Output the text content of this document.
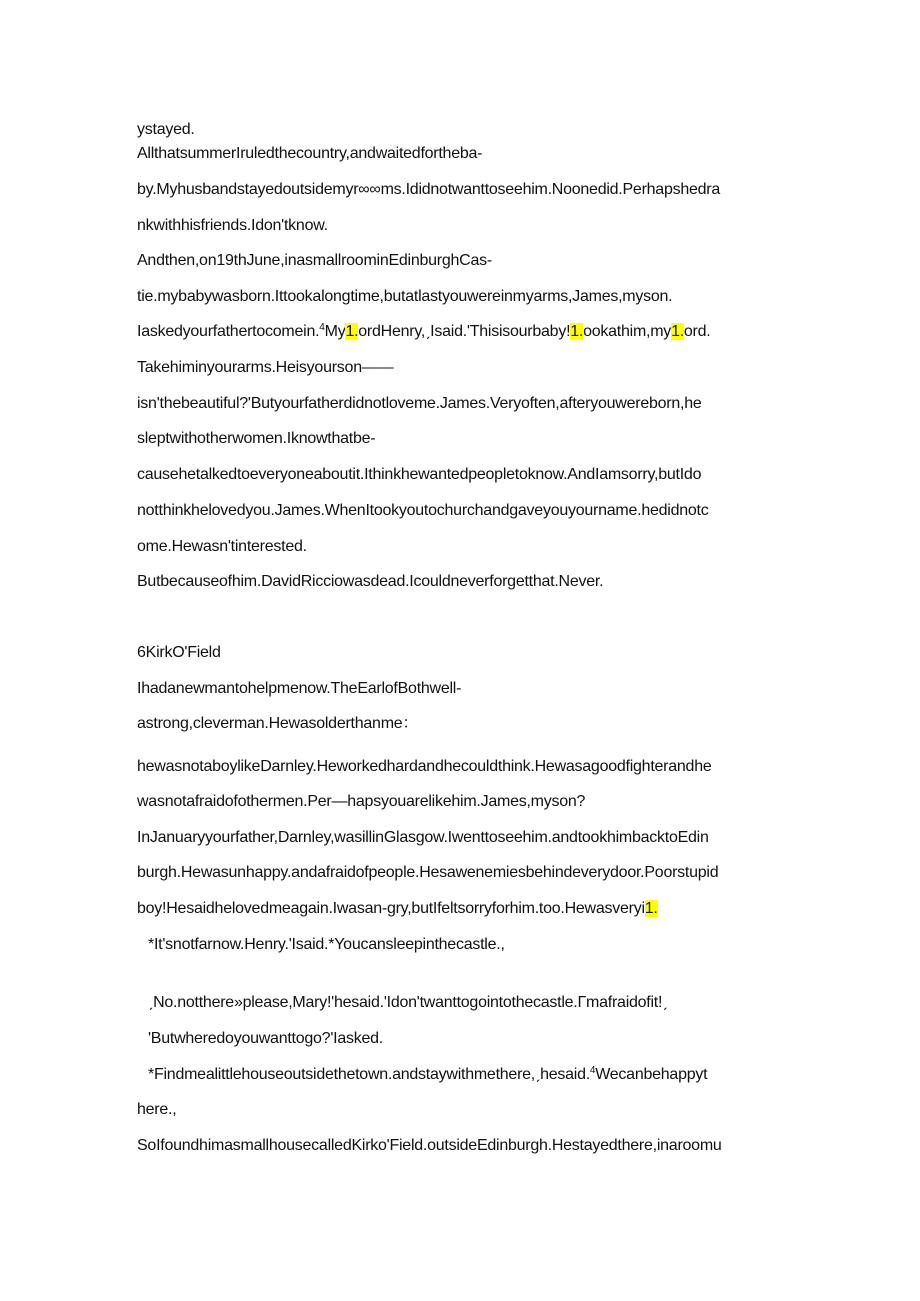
ystayed.
AllthatsummerIruledthecountry,andwaitedfortheba-
by.Myhusbandstayedoutsidemyr∞∞ms.Ididnotwanttoseehim.Noonedid.Perhapshedra
nkwithhisfriends.Idon'tknow.
Andthen,on19thJune,inasmallroominEdinburghCas-
tie.mybabywasborn.Ittookalongtime,butatlastyouwereinmyarms,James,myson.
Iaskedyourfathertocomein.$^4$My1.ordHenry,ˏIsaid.'Thisisourbaby!1.ookathim,my1.ord.
Takehiminyourarms.Heisyourson——
isn'thebeautiful?'Butyourfatherdidnotloveme.James.Veryoften,afteryouwereborn,he
sleptwithotherwomen.Iknowthatbe-
causehetalkedtoeveryoneaboutit.Ithinkhewantedpeopletoknow.AndIamsorry,butIdo
notthinkhelovedyou.James.WhenItookyoutochurchandgaveyouyourname.hedidnotc
ome.Hewasn'tinterested.
Butbecauseofhim.DavidRicciowasdead.Icouldneverforgetthat.Never.
6KirkO'Field
Ihadanewmantohelpmenow.TheEarlofBothwell-
astrong,cleverman.Hewasolderthanme：
hewasnotaboylikeDarnley.Heworkedhardandhecouldthink.Hewasagoodfighterandhe
wasnotafraidofothermen.Per—hapsyouarelikehim.James,myson?
InJanuaryyourfather,Darnley,wasillinGlasgow.Iwenttoseehim.andtookhimbacktoEdin
burgh.Hewasunhappy.andafraidofpeople.Hesawenemiesbehindeverydoor.Poorstupid
boy!Hesaidhelovedmeagain.Iwasan-gry,butIfeltsorryforhim.too.Hewasveryi1.
*It'snotfarnow.Henry.'Isaid.*Youcansleepinthecastle.,
ˏNo.notthere»please,Mary!'hesaid.'Idon'twanttogointothecastle.Γmafraidofit!ˏ
'Butwheredoyouwanttogo?'Iasked.
*Findmealittlehouseoutsidethetown.andstaywithmethere,ˏhesaid.$^4$Wecanbehappyt
here.,
SoIfoundhimasmallhousecalledKirko'Field.outsideEdinburgh.Hestayedthere,inaroomu
